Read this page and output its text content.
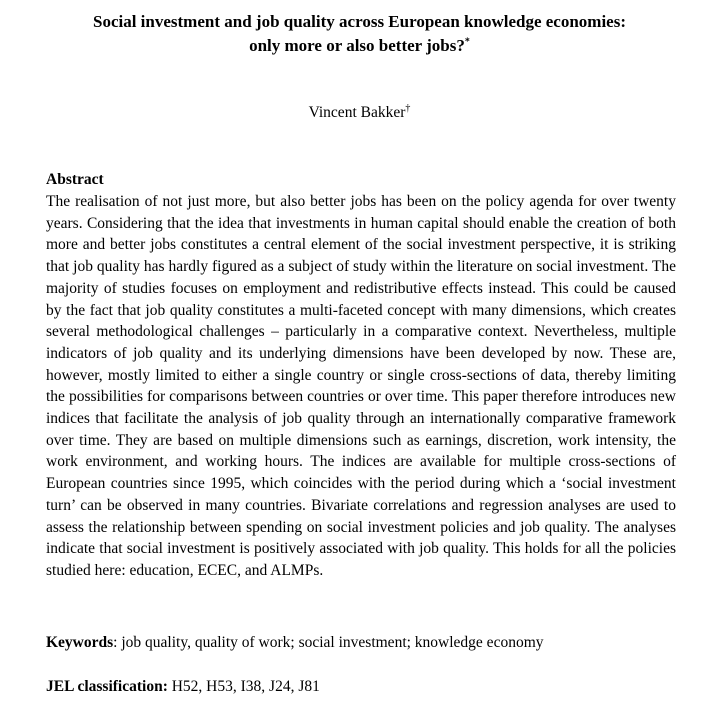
Social investment and job quality across European knowledge economies:
only more or also better jobs?*
Vincent Bakker†
Abstract

The realisation of not just more, but also better jobs has been on the policy agenda for over twenty years. Considering that the idea that investments in human capital should enable the creation of both more and better jobs constitutes a central element of the social investment perspective, it is striking that job quality has hardly figured as a subject of study within the literature on social investment. The majority of studies focuses on employment and redistributive effects instead. This could be caused by the fact that job quality constitutes a multi-faceted concept with many dimensions, which creates several methodological challenges – particularly in a comparative context. Nevertheless, multiple indicators of job quality and its underlying dimensions have been developed by now. These are, however, mostly limited to either a single country or single cross-sections of data, thereby limiting the possibilities for comparisons between countries or over time. This paper therefore introduces new indices that facilitate the analysis of job quality through an internationally comparative framework over time. They are based on multiple dimensions such as earnings, discretion, work intensity, the work environment, and working hours. The indices are available for multiple cross-sections of European countries since 1995, which coincides with the period during which a ‘social investment turn’ can be observed in many countries. Bivariate correlations and regression analyses are used to assess the relationship between spending on social investment policies and job quality. The analyses indicate that social investment is positively associated with job quality. This holds for all the policies studied here: education, ECEC, and ALMPs.

Keywords: job quality, quality of work; social investment; knowledge economy

JEL classification: H52, H53, I38, J24, J81
